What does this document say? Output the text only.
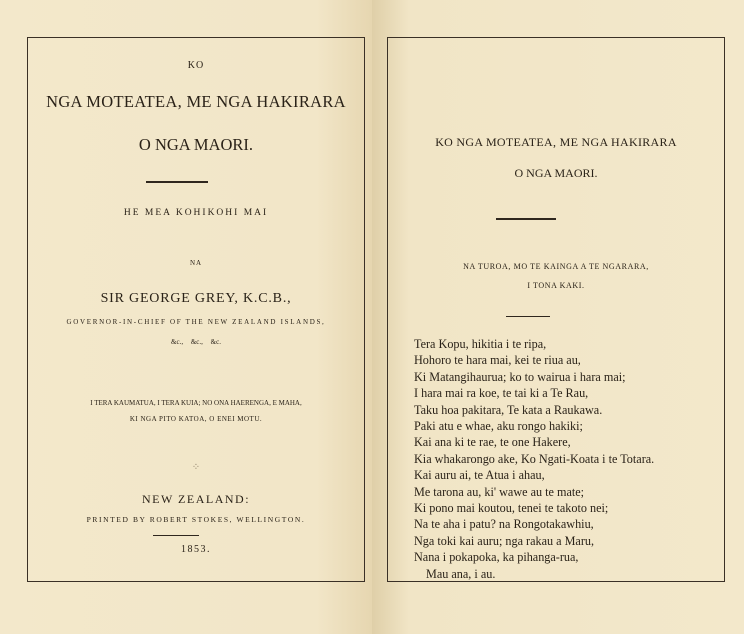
KO
NGA MOTEATEA, ME NGA HAKIRARA
O NGA MAORI.
HE MEA KOHIKOHI MAI
NA
SIR GEORGE GREY, K.C.B.,
GOVERNOR-IN-CHIEF OF THE NEW ZEALAND ISLANDS,
&c., &c., &c.
I TERA KAUMATUA, I TERA KUIA; NO ONA HAERENGA, E MAHA,
KI NGA PITO KATOA, O ENEI MOTU.
⁘
NEW ZEALAND:
PRINTED BY ROBERT STOKES, WELLINGTON.
1853.
KO NGA MOTEATEA, ME NGA HAKIRARA
O NGA MAORI.
NA TUROA, MO TE KAINGA A TE NGARARA,
I TONA KAKI.
Tera Kopu, hikitia i te ripa,
Hohoro te hara mai, kei te riua au,
Ki Matangihaurua; ko to wairua i hara mai;
I hara mai ra koe, te tai ki a Te Rau,
Taku hoa pakitara, Te kata a Raukawa.
Paki atu e whae, aku rongo hakiki;
Kai ana ki te rae, te one Hakere,
Kia whakarongo ake, Ko Ngati-Koata i te Totara.
Kai auru ai, te Atua i ahau,
Me tarona au, ki' wawe au te mate;
Ki pono mai koutou, tenei te takoto nei;
Na te aha i patu? na Rongotakawhiu,
Nga toki kai auru; nga rakau a Maru,
Nana i pokapoka, ka pihanga-rua,
Mau ana, i au.
